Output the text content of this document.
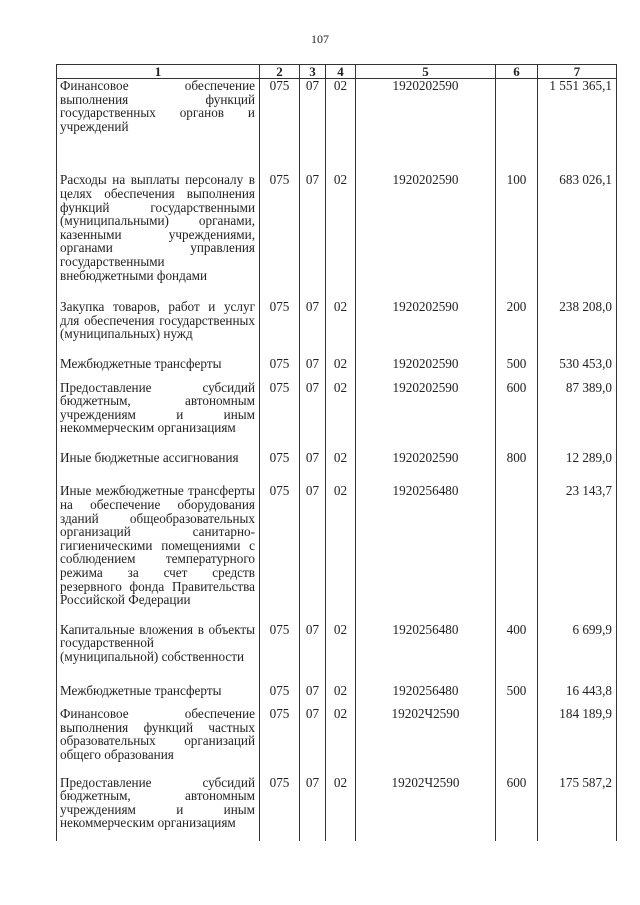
107
1	2	3	4	5	6	7
Финансовое обеспечение выполнения функций государственных органов и учреждений	075	07	02	1920202590		1 551 365,1
Расходы на выплаты персоналу в целях обеспечения выполнения функций государственными (муниципальными) органами, казенными учреждениями, органами управления государственными внебюджетными фондами	075	07	02	1920202590	100	683 026,1
Закупка товаров, работ и услуг для обеспечения государственных (муниципальных) нужд	075	07	02	1920202590	200	238 208,0
Межбюджетные трансферты	075	07	02	1920202590	500	530 453,0
Предоставление субсидий бюджетным, автономным учреждениям и иным некоммерческим организациям	075	07	02	1920202590	600	87 389,0
Иные бюджетные ассигнования	075	07	02	1920202590	800	12 289,0
Иные межбюджетные трансферты на обеспечение оборудования зданий общеобразовательных организаций санитарно-гигиеническими помещениями с соблюдением температурного режима за счет средств резервного фонда Правительства Российской Федерации	075	07	02	1920256480		23 143,7
Капитальные вложения в объекты государственной (муниципальной) собственности	075	07	02	1920256480	400	6 699,9
Межбюджетные трансферты	075	07	02	1920256480	500	16 443,8
Финансовое обеспечение выполнения функций частных образовательных организаций общего образования	075	07	02	19202Ч2590		184 189,9
Предоставление субсидий бюджетным, автономным учреждениям и иным некоммерческим организациям	075	07	02	19202Ч2590	600	175 587,2
